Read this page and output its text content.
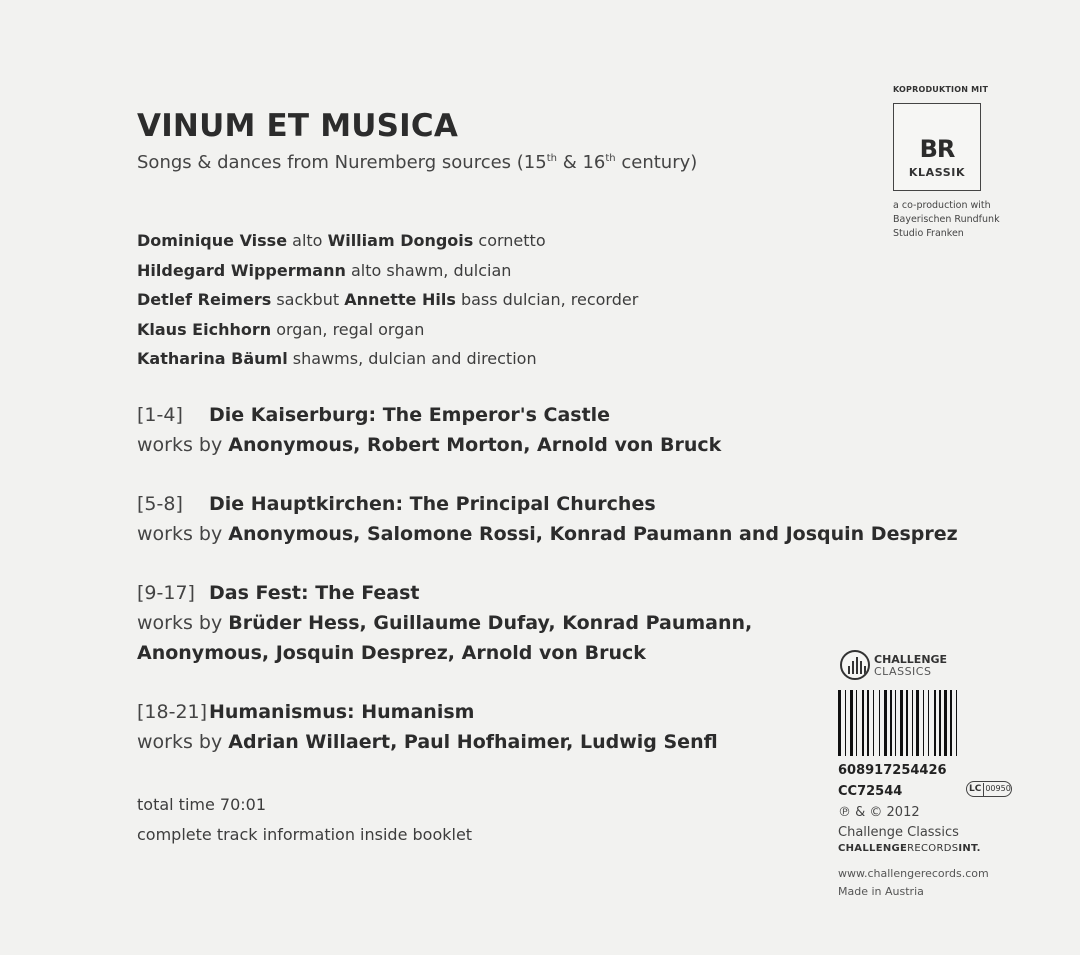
VINUM ET MUSICA
Songs & dances from Nuremberg sources (15th & 16th century)
Dominique Visse alto William Dongois cornetto
Hildegard Wippermann alto shawm, dulcian
Detlef Reimers sackbut Annette Hils bass dulcian, recorder
Klaus Eichhorn organ, regal organ
Katharina Bäuml shawms, dulcian and direction
[1-4] Die Kaiserburg: The Emperor's Castle
works by Anonymous, Robert Morton, Arnold von Bruck
[5-8] Die Hauptkirchen: The Principal Churches
works by Anonymous, Salomone Rossi, Konrad Paumann and Josquin Desprez
[9-17] Das Fest: The Feast
works by Brüder Hess, Guillaume Dufay, Konrad Paumann,
Anonymous, Josquin Desprez, Arnold von Bruck
[18-21] Humanismus: Humanism
works by Adrian Willaert, Paul Hofhaimer, Ludwig Senfl
total time 70:01
complete track information inside booklet
KOPRODUKTION MIT
BR
KLASSIK
a co-production with
Bayerischen Rundfunk
Studio Franken
CHALLENGE
CLASSICS
608917254426
CC72544	LC 00950
℗ & © 2012
Challenge Classics
CHALLENGERECORDSINT.
www.challengerecords.com
Made in Austria
